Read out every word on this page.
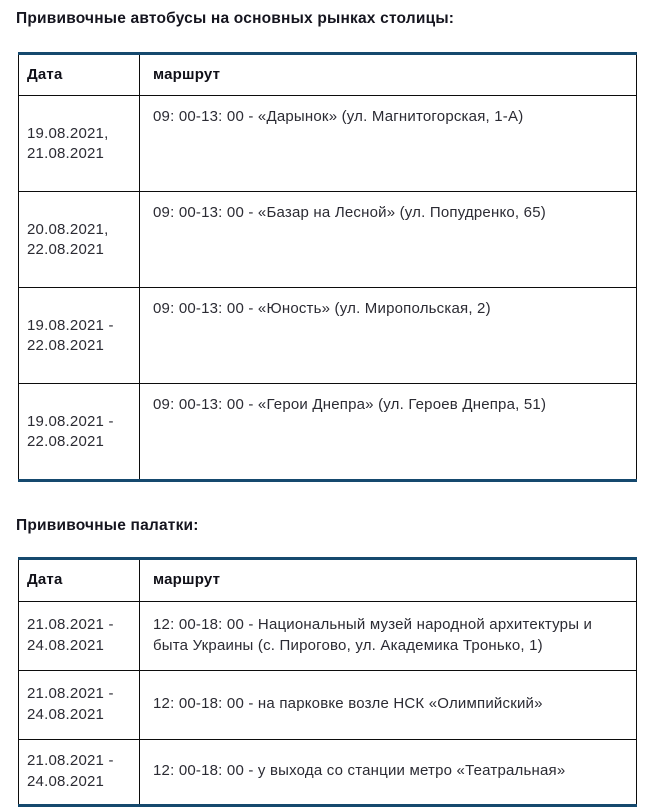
Прививочные автобусы на основных рынках столицы:
Дата	маршрут
19.08.2021, 21.08.2021	09: 00-13: 00 - «Дарынок» (ул. Магнитогорская, 1-А)
20.08.2021, 22.08.2021	09: 00-13: 00 - «Базар на Лесной» (ул. Попудренко, 65)
19.08.2021 - 22.08.2021	09: 00-13: 00 - «Юность» (ул. Миропольская, 2)
19.08.2021 - 22.08.2021	09: 00-13: 00 - «Герои Днепра» (ул. Героев Днепра, 51)
Прививочные палатки:
Дата	маршрут
21.08.2021 - 24.08.2021	12: 00-18: 00 - Национальный музей народной архитектуры и быта Украины (с. Пирогово, ул. Академика Тронько, 1)
21.08.2021 - 24.08.2021	12: 00-18: 00 - на парковке возле НСК «Олимпийский»
21.08.2021 - 24.08.2021	12: 00-18: 00 - у выхода со станции метро «Театральная»
